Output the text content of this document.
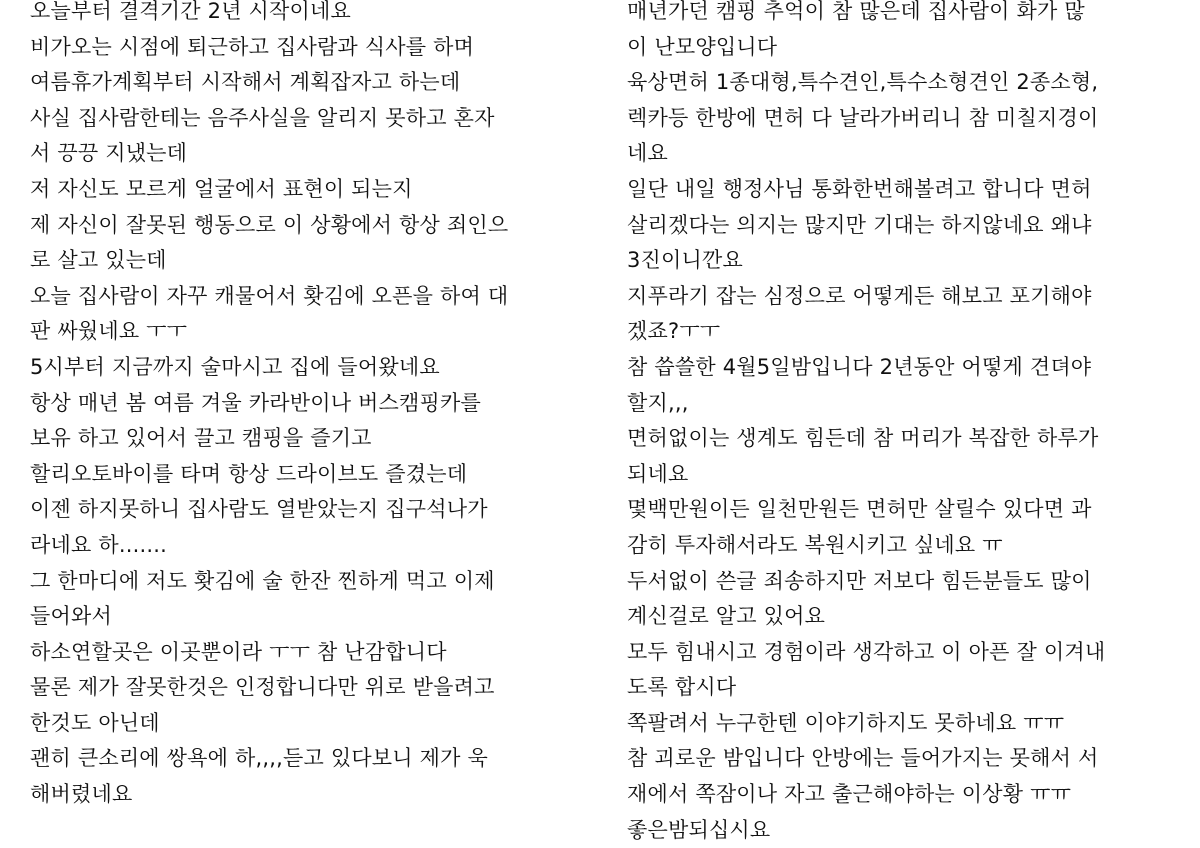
오늘부터 결격기간 2년 시작이네요
비가오는 시점에 퇴근하고 집사람과 식사를 하며
여름휴가계획부터 시작해서 계획잡자고 하는데
사실 집사람한테는 음주사실을 알리지 못하고 혼자
서 끙끙 지냈는데
저 자신도 모르게 얼굴에서 표현이 되는지
제 자신이 잘못된 행동으로 이 상황에서 항상 죄인으
로 살고 있는데
오늘 집사람이 자꾸 캐물어서 홧김에 오픈을 하여 대
판 싸웠네요 ㅜㅜ
5시부터 지금까지 술마시고 집에 들어왔네요
항상 매년 봄 여름 겨울 카라반이나 버스캠핑카를
보유 하고 있어서 끌고 캠핑을 즐기고
할리오토바이를 타며 항상 드라이브도 즐겼는데
이젠 하지못하니 집사람도 열받았는지 집구석나가
라네요 하.......
그 한마디에 저도 홧김에 술 한잔 찐하게 먹고 이제
들어와서
하소연할곳은 이곳뿐이라 ㅜㅜ 참 난감합니다
물론 제가 잘못한것은 인정합니다만 위로 받을려고
한것도 아닌데
괜히 큰소리에 쌍욕에 하,,,,듣고 있다보니 제가 욱
해버렸네요
매년가던 캠핑 추억이 참 많은데 집사람이 화가 많
이 난모양입니다
육상면허 1종대형,특수견인,특수소형견인 2종소형,
렉카등 한방에 면허 다 날라가버리니 참 미칠지경이
네요
일단 내일 행정사님 통화한번해볼려고 합니다 면허
살리겠다는 의지는 많지만 기대는 하지않네요 왜냐
3진이니깐요
지푸라기 잡는 심정으로 어떻게든 해보고 포기해야
겠죠?ㅜㅜ
참 씁쓸한 4월5일밤입니다 2년동안 어떻게 견뎌야
할지,,,
면허없이는 생계도 힘든데 참 머리가 복잡한 하루가
되네요
몇백만원이든 일천만원든 면허만 살릴수 있다면 과
감히 투자해서라도 복원시키고 싶네요 ㅠ
두서없이 쓴글 죄송하지만 저보다 힘든분들도 많이
계신걸로 알고 있어요
모두 힘내시고 경험이라 생각하고 이 아픈 잘 이겨내
도록 합시다
쪽팔려서 누구한텐 이야기하지도 못하네요 ㅠㅠ
참 괴로운 밤입니다 안방에는 들어가지는 못해서 서
재에서 쪽잠이나 자고 출근해야하는 이상황 ㅠㅠ
좋은밤되십시요
